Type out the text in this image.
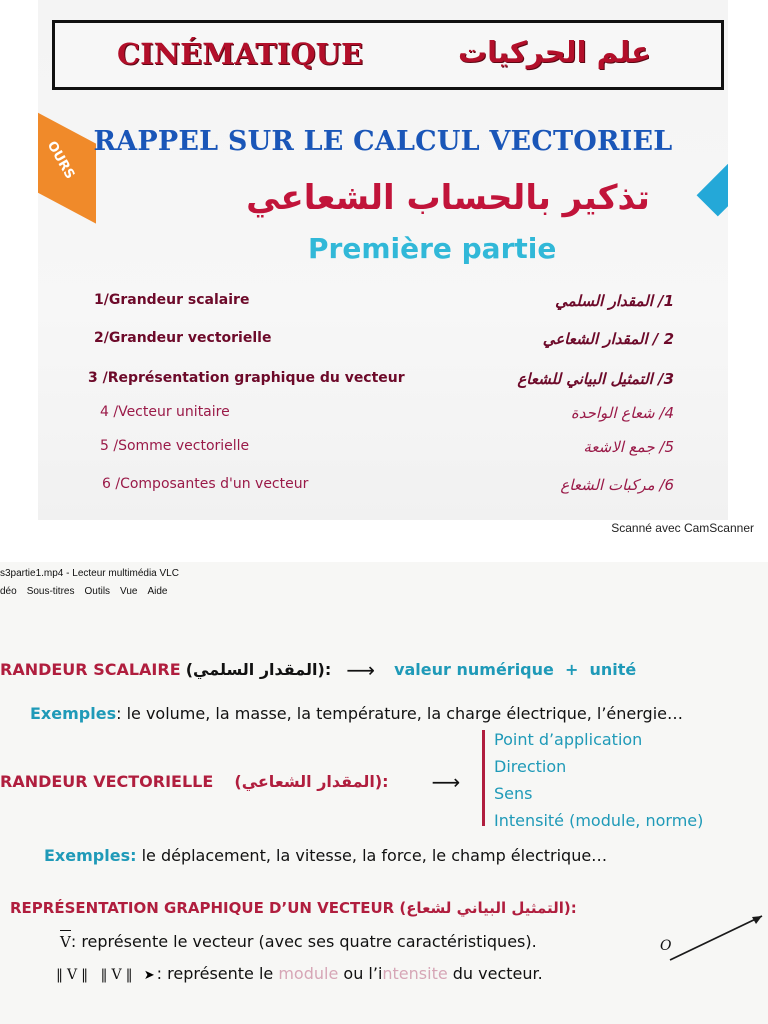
OURS
CINÉMATIQUE	علم الحركيات
RAPPEL SUR LE CALCUL VECTORIEL
تذكير بالحساب الشعاعي
Première partie
1/Grandeur scalaire	1/ المقدار السلمي
2/Grandeur vectorielle	2 / المقدار الشعاعي
3 /Représentation graphique du vecteur	3/ التمثيل البياني للشعاع
4 /Vecteur unitaire	4/ شعاع الواحدة
5 /Somme vectorielle	5/ جمع الاشعة
6 /Composantes d'un vecteur	6/ مركبات الشعاع
Scanné avec CamScanner
s3partie1.mp4 - Lecteur multimédia VLC
déo Sous-titres Outils Vue Aide
RANDEUR SCALAIRE (المقدار السلمي): ⟶ valeur numérique + unité
Exemples: le volume, la masse, la température, la charge électrique, l’énergie…
RANDEUR VECTORIELLE (المقدار الشعاعي): ⟶
Point d’application
Direction
Sens
Intensité (module, norme)
Exemples: le déplacement, la vitesse, la force, le champ électrique…
REPRÉSENTATION GRAPHIQUE D’UN VECTEUR (التمثيل البياني لشعاع):
V: représente le vecteur (avec ses quatre caractéristiques).
‖V‖ ‖V‖ ➤ : représente le module ou l’intensite du vecteur.
O
